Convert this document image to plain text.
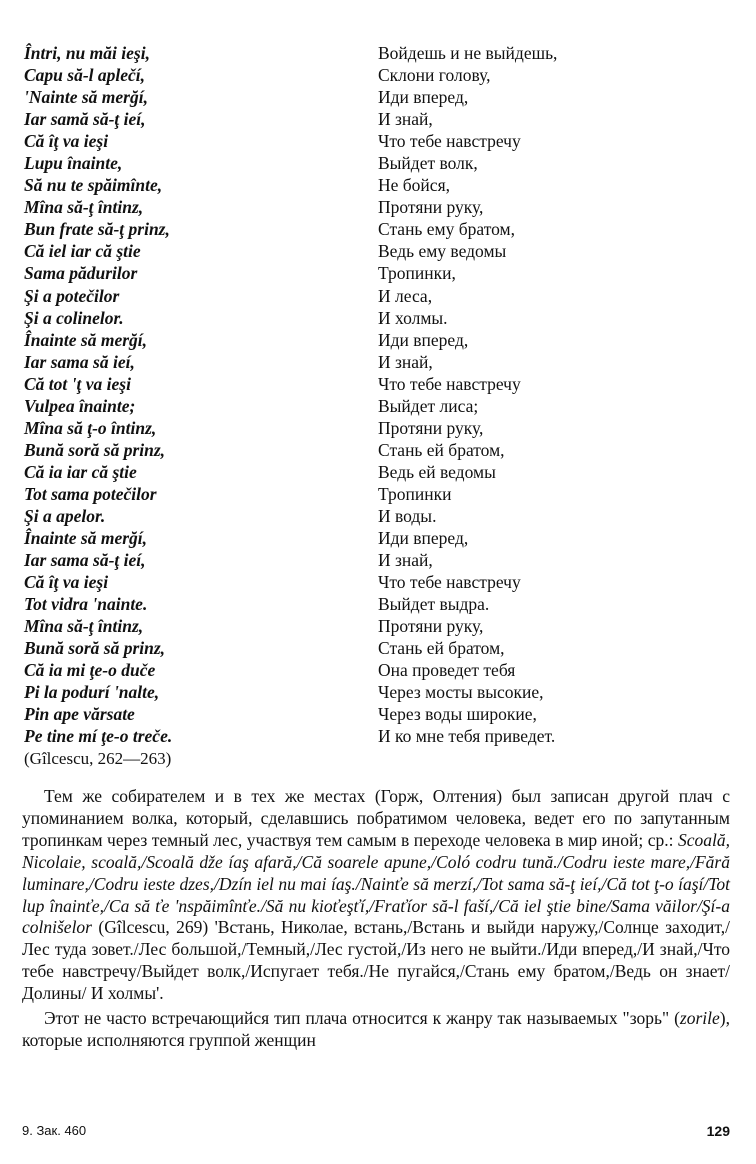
Întri, nu măi ieşi,	Войдешь и не выйдешь,
Capu să-l aplečí,	Склони голову,
'Nainte să merğí,	Иди вперед,
Iar samă să-ţ ieí,	И знай,
Că îţ va ieşi	Что тебе навстречу
Lupu înainte,	Выйдет волк,
Să nu te spăimînte,	Не бойся,
Mîna să-ţ întinz,	Протяни руку,
Bun frate să-ţ prinz,	Стань ему братом,
Că iel iar că ştie	Ведь ему ведомы
Sama pădurilor	Тропинки,
Şi a potečilor	И леса,
Şi a colinelor.	И холмы.
Înainte să merğí,	Иди вперед,
Iar sama să ieí,	И знай,
Că tot 'ţ va ieşi	Что тебе навстречу
Vulpea înainte;	Выйдет лиса;
Mîna să ţ-o întinz,	Протяни руку,
Bună soră să prinz,	Стань ей братом,
Că ia iar că ştie	Ведь ей ведомы
Tot sama potečilor	Тропинки
Şi a apelor.	И воды.
Înainte să merğí,	Иди вперед,
Iar sama să-ţ ieí,	И знай,
Că îţ va ieşi	Что тебе навстречу
Tot vidra 'nainte.	Выйдет выдра.
Mîna să-ţ întinz,	Протяни руку,
Bună soră să prinz,	Стань ей братом,
Că ia mi ţe-o duče	Она проведет тебя
Pi la podurí 'nalte,	Через мосты высокие,
Pin ape vărsate	Через воды широкие,
Pe tine mí ţe-o treče.	И ко мне тебя приведет.
(Gîlcescu, 262—263)

Тем же собирателем и в тех же местах (Горж, Олтения) был записан другой плач с упоминанием волка, который, сделавшись побратимом человека, ведет его по запутанным тропинкам через темный лес, участвуя тем самым в переходе человека в мир иной; ср.: Scoală, Nicolaie, scoală,/Scoală dže íaş afară,/Că soarele apune,/Coló codru tună./Codru ieste mare,/Fără luminare,/Codru ieste dzes,/Dzín iel nu mai íaş./Nainťe să merzí,/Tot sama să-ţ ieí,/Că tot ţ-o íaşí/Tot lup înainťe,/Ca să ťe 'nspăimînťe./Să nu kioťeşťí,/Fraťíor să-l faší,/Că iel ştie bine/Sama văilor/Şí-a colnišelor (Gîlcescu, 269) 'Встань, Николае, встань,/Встань и выйди наружу,/Солнце заходит,/Лес туда зовет./Лес большой,/Темный,/Лес густой,/Из него не выйти./Иди вперед,/И знай,/Что тебе навстречу/Выйдет волк,/Испугает тебя./Не пугайся,/Стань ему братом,/Ведь он знает/Долины/ И холмы'.

Этот не часто встречающийся тип плача относится к жанру так называемых "зорь" (zorile), которые исполняются группой женщин

9. Зак. 460	129
